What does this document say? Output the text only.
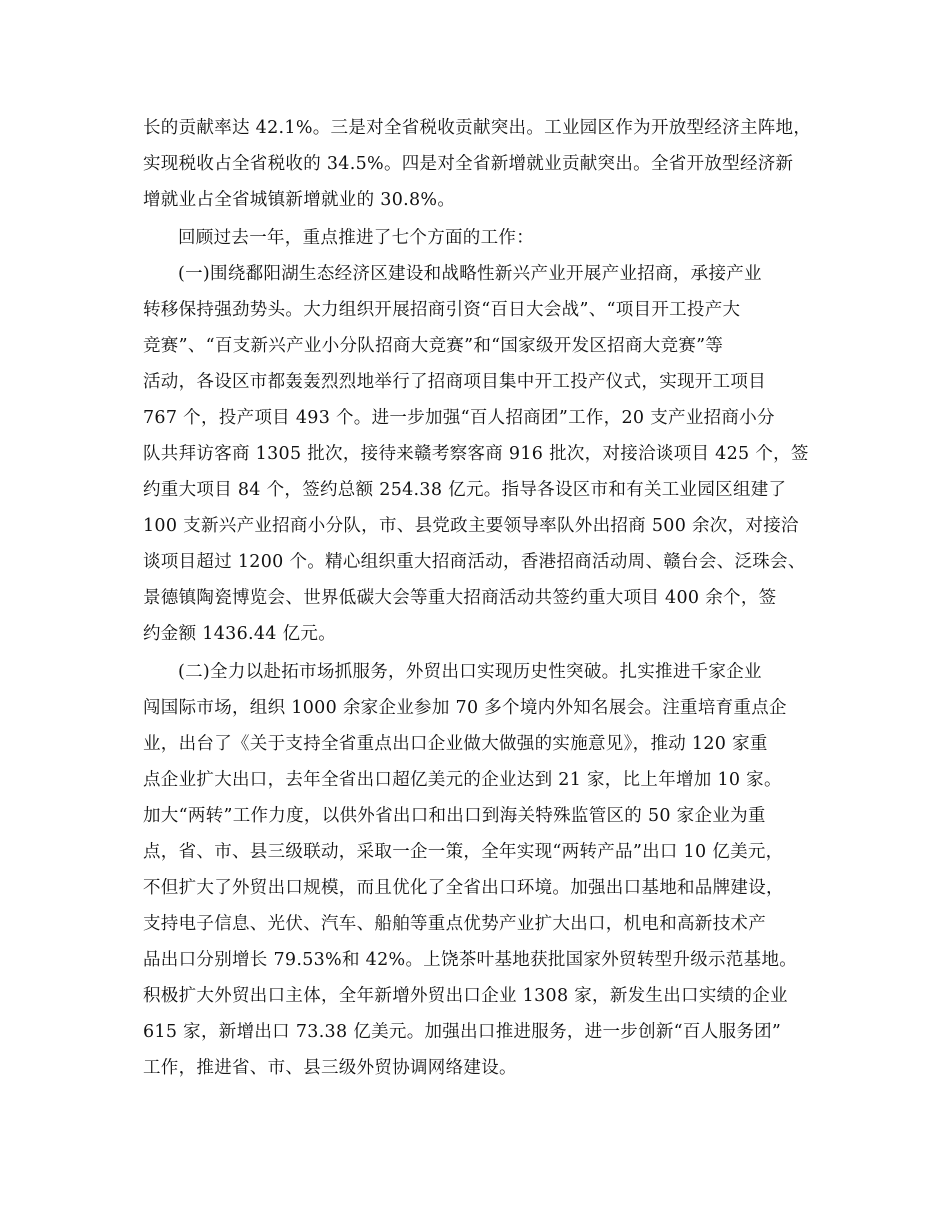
长的贡献率达 42.1%。三是对全省税收贡献突出。工业园区作为开放型经济主阵地，
实现税收占全省税收的 34.5%。四是对全省新增就业贡献突出。全省开放型经济新
增就业占全省城镇新增就业的 30.8%。
回顾过去一年，重点推进了七个方面的工作：
(一)围绕鄱阳湖生态经济区建设和战略性新兴产业开展产业招商，承接产业
转移保持强劲势头。大力组织开展招商引资“百日大会战”、“项目开工投产大
竞赛”、“百支新兴产业小分队招商大竞赛”和“国家级开发区招商大竞赛”等
活动，各设区市都轰轰烈烈地举行了招商项目集中开工投产仪式，实现开工项目
767 个，投产项目 493 个。进一步加强“百人招商团”工作，20 支产业招商小分
队共拜访客商 1305 批次，接待来赣考察客商 916 批次，对接洽谈项目 425 个，签
约重大项目 84 个，签约总额 254.38 亿元。指导各设区市和有关工业园区组建了
100 支新兴产业招商小分队，市、县党政主要领导率队外出招商 500 余次，对接洽
谈项目超过 1200 个。精心组织重大招商活动，香港招商活动周、赣台会、泛珠会、
景德镇陶瓷博览会、世界低碳大会等重大招商活动共签约重大项目 400 余个，签
约金额 1436.44 亿元。
(二)全力以赴拓市场抓服务，外贸出口实现历史性突破。扎实推进千家企业
闯国际市场，组织 1000 余家企业参加 70 多个境内外知名展会。注重培育重点企
业，出台了《关于支持全省重点出口企业做大做强的实施意见》，推动 120 家重
点企业扩大出口，去年全省出口超亿美元的企业达到 21 家，比上年增加 10 家。
加大“两转”工作力度，以供外省出口和出口到海关特殊监管区的 50 家企业为重
点，省、市、县三级联动，采取一企一策，全年实现“两转产品”出口 10 亿美元，
不但扩大了外贸出口规模，而且优化了全省出口环境。加强出口基地和品牌建设，
支持电子信息、光伏、汽车、船舶等重点优势产业扩大出口，机电和高新技术产
品出口分别增长 79.53%和 42%。上饶茶叶基地获批国家外贸转型升级示范基地。
积极扩大外贸出口主体，全年新增外贸出口企业 1308 家，新发生出口实绩的企业
615 家，新增出口 73.38 亿美元。加强出口推进服务，进一步创新“百人服务团”
工作，推进省、市、县三级外贸协调网络建设。
